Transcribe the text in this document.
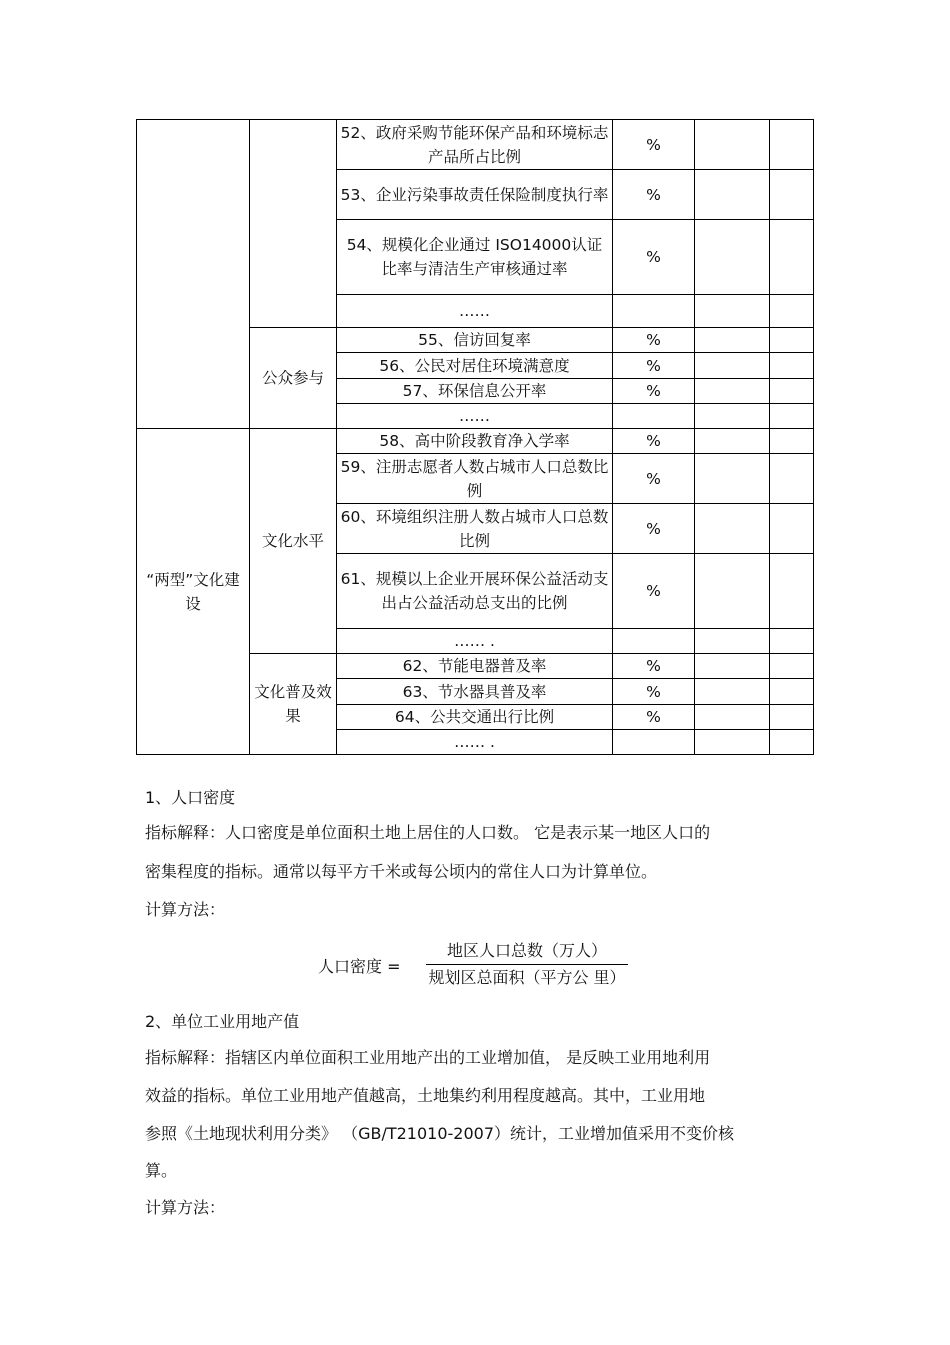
		52、政府采购节能环保产品和环境标志产品所占比例	%		
		53、企业污染事故责任保险制度执行率	%		
		54、规模化企业通过 ISO14000认证比率与清洁生产审核通过率	%		
		……			
	公众参与	55、信访回复率	%		
		56、公民对居住环境满意度	%		
		57、环保信息公开率	%		
		……			
“两型”文化建设	文化水平	58、高中阶段教育净入学率	%		
		59、注册志愿者人数占城市人口总数比例	%		
		60、环境组织注册人数占城市人口总数比例	%		
		61、规模以上企业开展环保公益活动支出占公益活动总支出的比例	%		
		…… .			
	文化普及效果	62、节能电器普及率	%		
		63、节水器具普及率	%		
		64、公共交通出行比例	%		
		…… .			
1、人口密度
指标解释：人口密度是单位面积土地上居住的人口数。 它是表示某一地区人口的
密集程度的指标。通常以每平方千米或每公顷内的常住人口为计算单位。
计算方法：
人口密度 =
地区人口总数（万人）
规划区总面积（平方公 里）
2、单位工业用地产值
指标解释：指辖区内单位面积工业用地产出的工业增加值， 是反映工业用地利用
效益的指标。单位工业用地产值越高，土地集约利用程度越高。其中，工业用地
参照《土地现状利用分类》 （GB/T21010-2007）统计，工业增加值采用不变价核
算。
计算方法：
